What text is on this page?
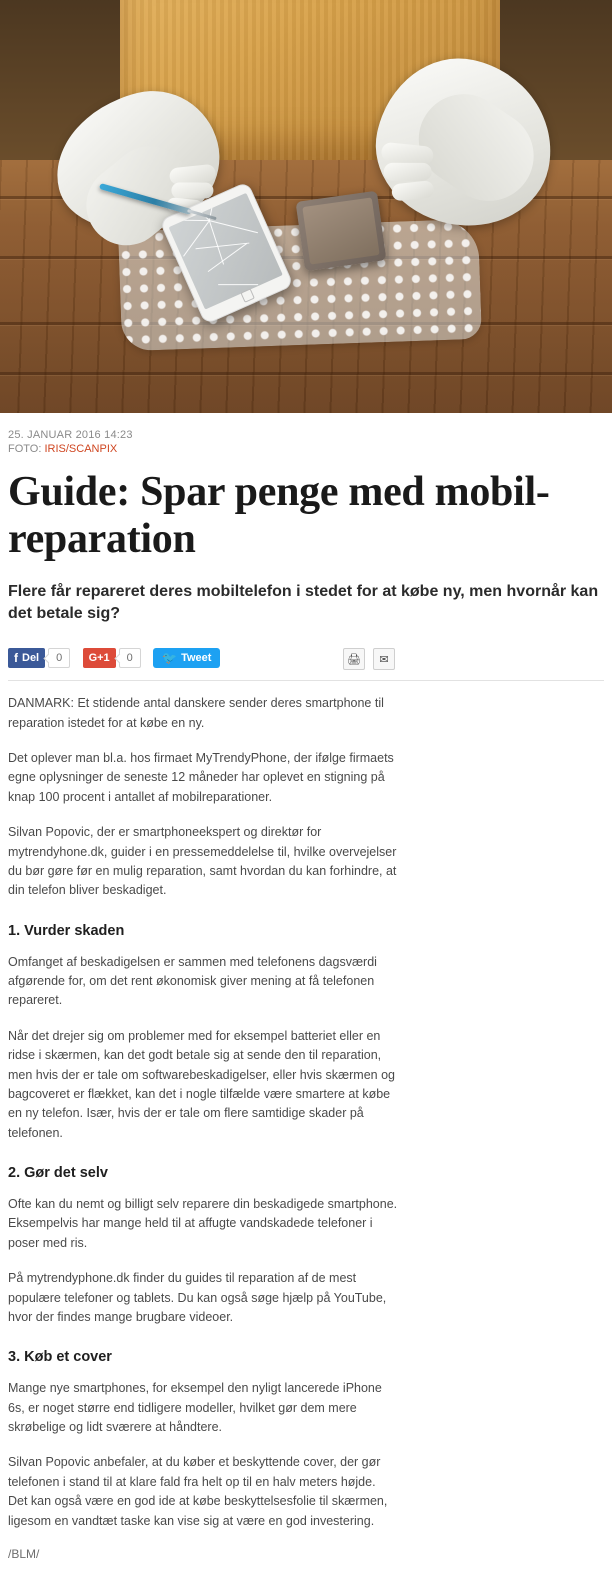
25. JANUAR 2016 14:23
FOTO: IRIS/SCANPIX
Guide: Spar penge med mobil-reparation
Flere får repareret deres mobiltelefon i stedet for at købe ny, men hvornår kan det betale sig?
f Del	0
	G+1	0
	🐦 Tweet	🖨	✉

DANMARK: Et stidende antal danskere sender deres smartphone til reparation istedet for at købe en ny.

Det oplever man bl.a. hos firmaet MyTrendyPhone, der ifølge firmaets egne oplysninger de seneste 12 måneder har oplevet en stigning på knap 100 procent i antallet af mobilreparationer.

Silvan Popovic, der er smartphoneekspert og direktør for mytrendyhone.dk, guider i en pressemeddelelse til, hvilke overvejelser du bør gøre før en mulig reparation, samt hvordan du kan forhindre, at din telefon bliver beskadiget.

1. Vurder skaden

Omfanget af beskadigelsen er sammen med telefonens dagsværdi afgørende for, om det rent økonomisk giver mening at få telefonen repareret.

Når det drejer sig om problemer med for eksempel batteriet eller en ridse i skærmen, kan det godt betale sig at sende den til reparation, men hvis der er tale om softwarebeskadigelser, eller hvis skærmen og bagcoveret er flækket, kan det i nogle tilfælde være smartere at købe en ny telefon. Især, hvis der er tale om flere samtidige skader på telefonen.

2. Gør det selv

Ofte kan du nemt og billigt selv reparere din beskadigede smartphone. Eksempelvis har mange held til at affugte vandskadede telefoner i poser med ris.

På mytrendyphone.dk finder du guides til reparation af de mest populære telefoner og tablets. Du kan også søge hjælp på YouTube, hvor der findes mange brugbare videoer.

3. Køb et cover

Mange nye smartphones, for eksempel den nyligt lancerede iPhone 6s, er noget større end tidligere modeller, hvilket gør dem mere skrøbelige og lidt sværere at håndtere.

Silvan Popovic anbefaler, at du køber et beskyttende cover, der gør telefonen i stand til at klare fald fra helt op til en halv meters højde. Det kan også være en god ide at købe beskyttelsesfolie til skærmen, ligesom en vandtæt taske kan vise sig at være en god investering.

/BLM/
